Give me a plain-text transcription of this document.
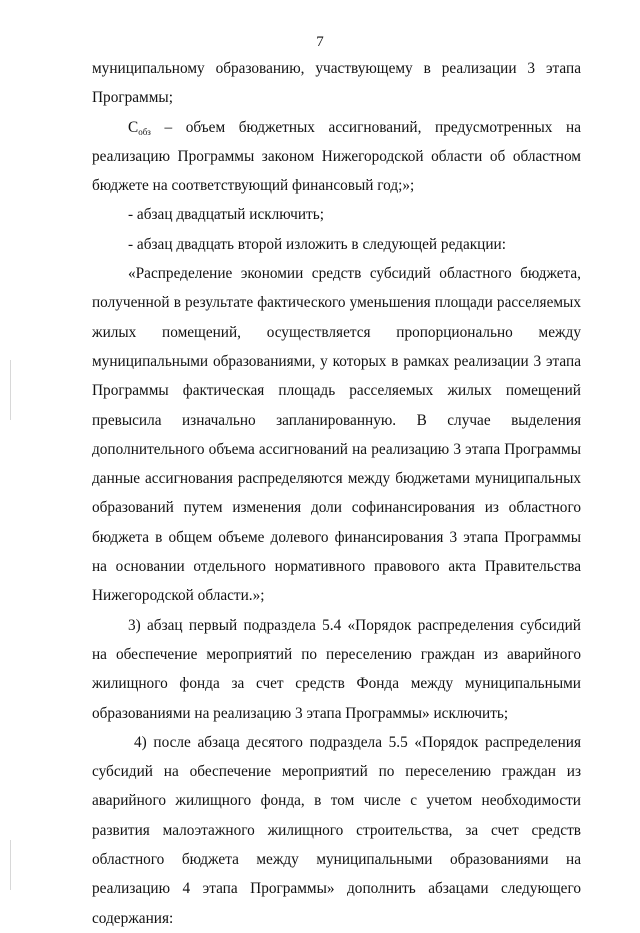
7

муниципальному образованию, участвующему в реализации 3 этапа Программы;

$С_{обз}$ – объем бюджетных ассигнований, предусмотренных на реализацию Программы законом Нижегородской области об областном бюджете на соответствующий финансовый год;»;

- абзац двадцатый исключить;

- абзац двадцать второй изложить в следующей редакции:

«Распределение экономии средств субсидий областного бюджета, полученной в результате фактического уменьшения площади расселяемых жилых помещений, осуществляется пропорционально между муниципальными образованиями, у которых в рамках реализации 3 этапа Программы фактическая площадь расселяемых жилых помещений превысила изначально запланированную. В случае выделения дополнительного объема ассигнований на реализацию 3 этапа Программы данные ассигнования распределяются между бюджетами муниципальных образований путем изменения доли софинансирования из областного бюджета в общем объеме долевого финансирования 3 этапа Программы на основании отдельного нормативного правового акта Правительства Нижегородской области.»;

3) абзац первый подраздела 5.4 «Порядок распределения субсидий на обеспечение мероприятий по переселению граждан из аварийного жилищного фонда за счет средств Фонда между муниципальными образованиями на реализацию 3 этапа Программы» исключить;

4) после абзаца десятого подраздела 5.5 «Порядок распределения субсидий на обеспечение мероприятий по переселению граждан из аварийного жилищного фонда, в том числе с учетом необходимости развития малоэтажного жилищного строительства, за счет средств областного бюджета между муниципальными образованиями на реализацию 4 этапа Программы» дополнить абзацами следующего содержания:
